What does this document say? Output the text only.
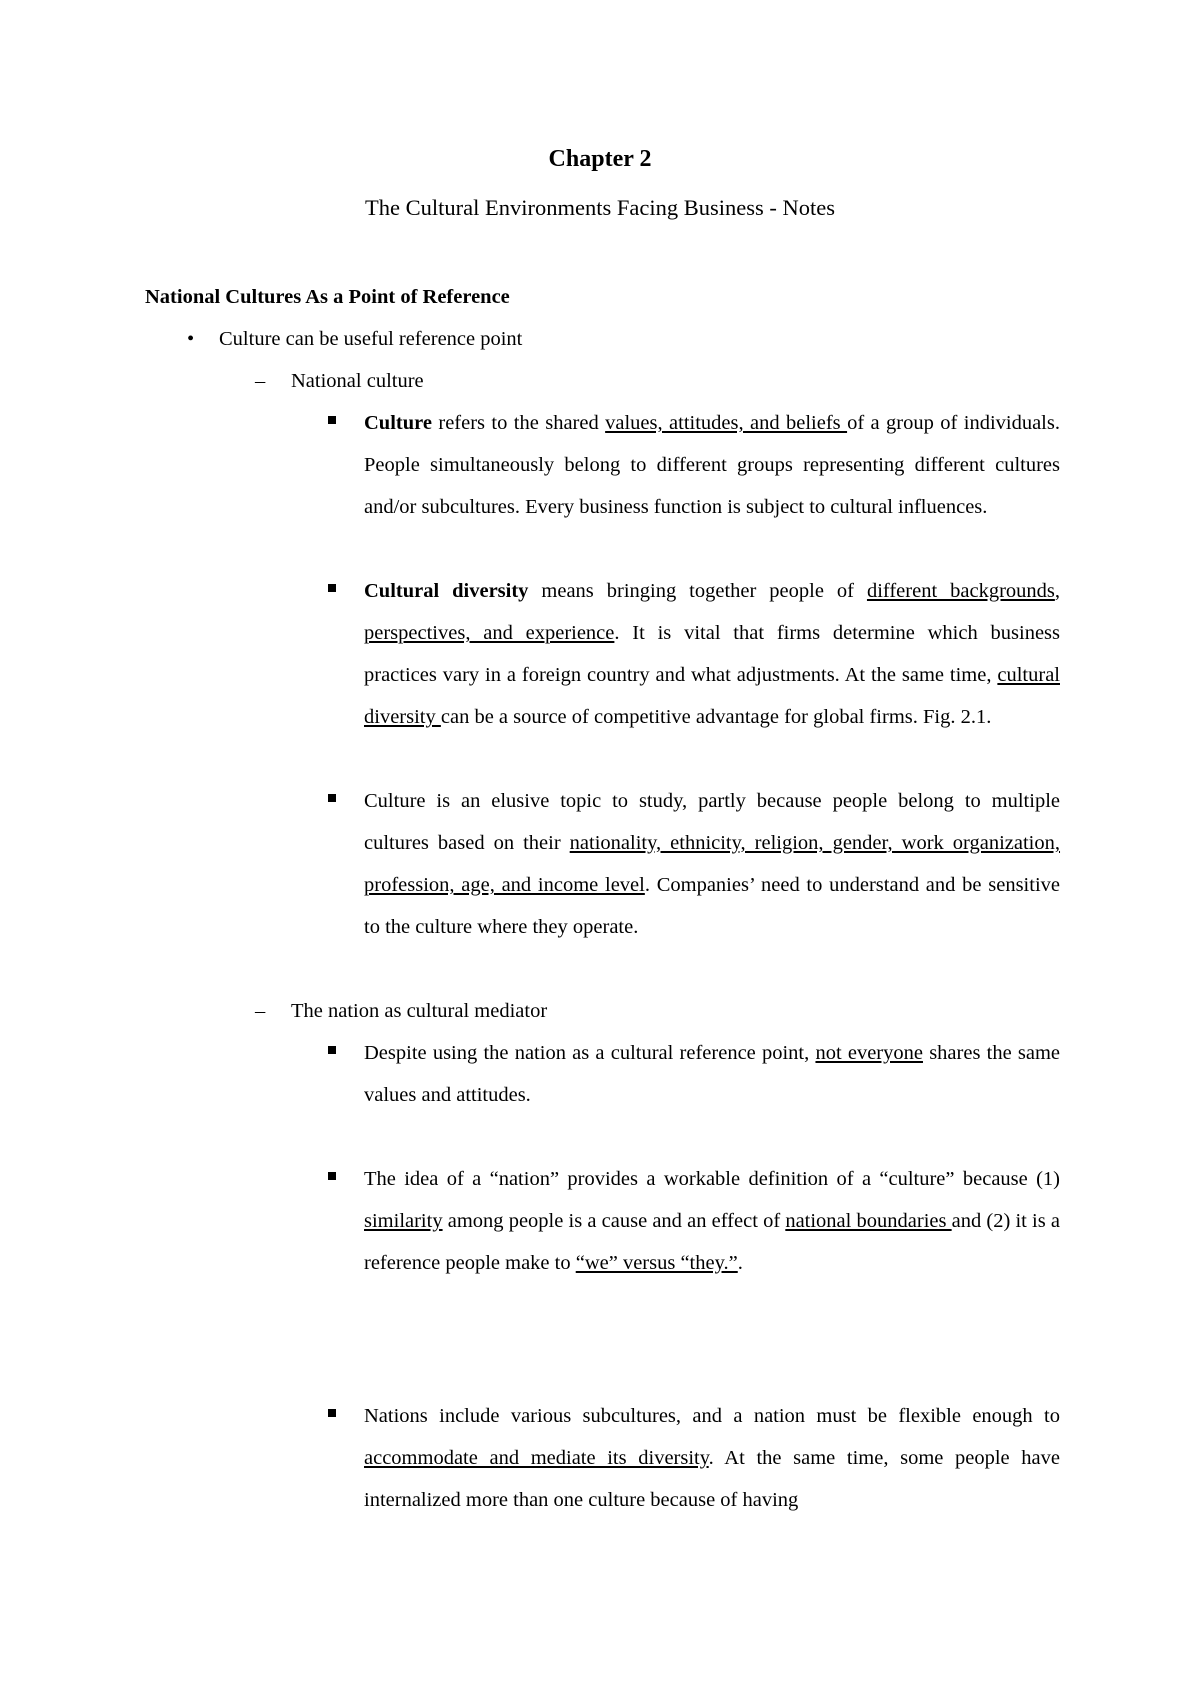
Chapter 2
The Cultural Environments Facing Business - Notes
National Cultures As a Point of Reference
• Culture can be useful reference point
– National culture
Culture refers to the shared values, attitudes, and beliefs of a group of individuals. People simultaneously belong to different groups representing different cultures and/or subcultures. Every business function is subject to cultural influences.
Cultural diversity means bringing together people of different backgrounds, perspectives, and experience. It is vital that firms determine which business practices vary in a foreign country and what adjustments. At the same time, cultural diversity can be a source of competitive advantage for global firms. Fig. 2.1.
Culture is an elusive topic to study, partly because people belong to multiple cultures based on their nationality, ethnicity, religion, gender, work organization, profession, age, and income level. Companies’ need to understand and be sensitive to the culture where they operate.
– The nation as cultural mediator
Despite using the nation as a cultural reference point, not everyone shares the same values and attitudes.
The idea of a “nation” provides a workable definition of a “culture” because (1) similarity among people is a cause and an effect of national boundaries and (2) it is a reference people make to “we” versus “they.”.
Nations include various subcultures, and a nation must be flexible enough to accommodate and mediate its diversity. At the same time, some people have internalized more than one culture because of having
